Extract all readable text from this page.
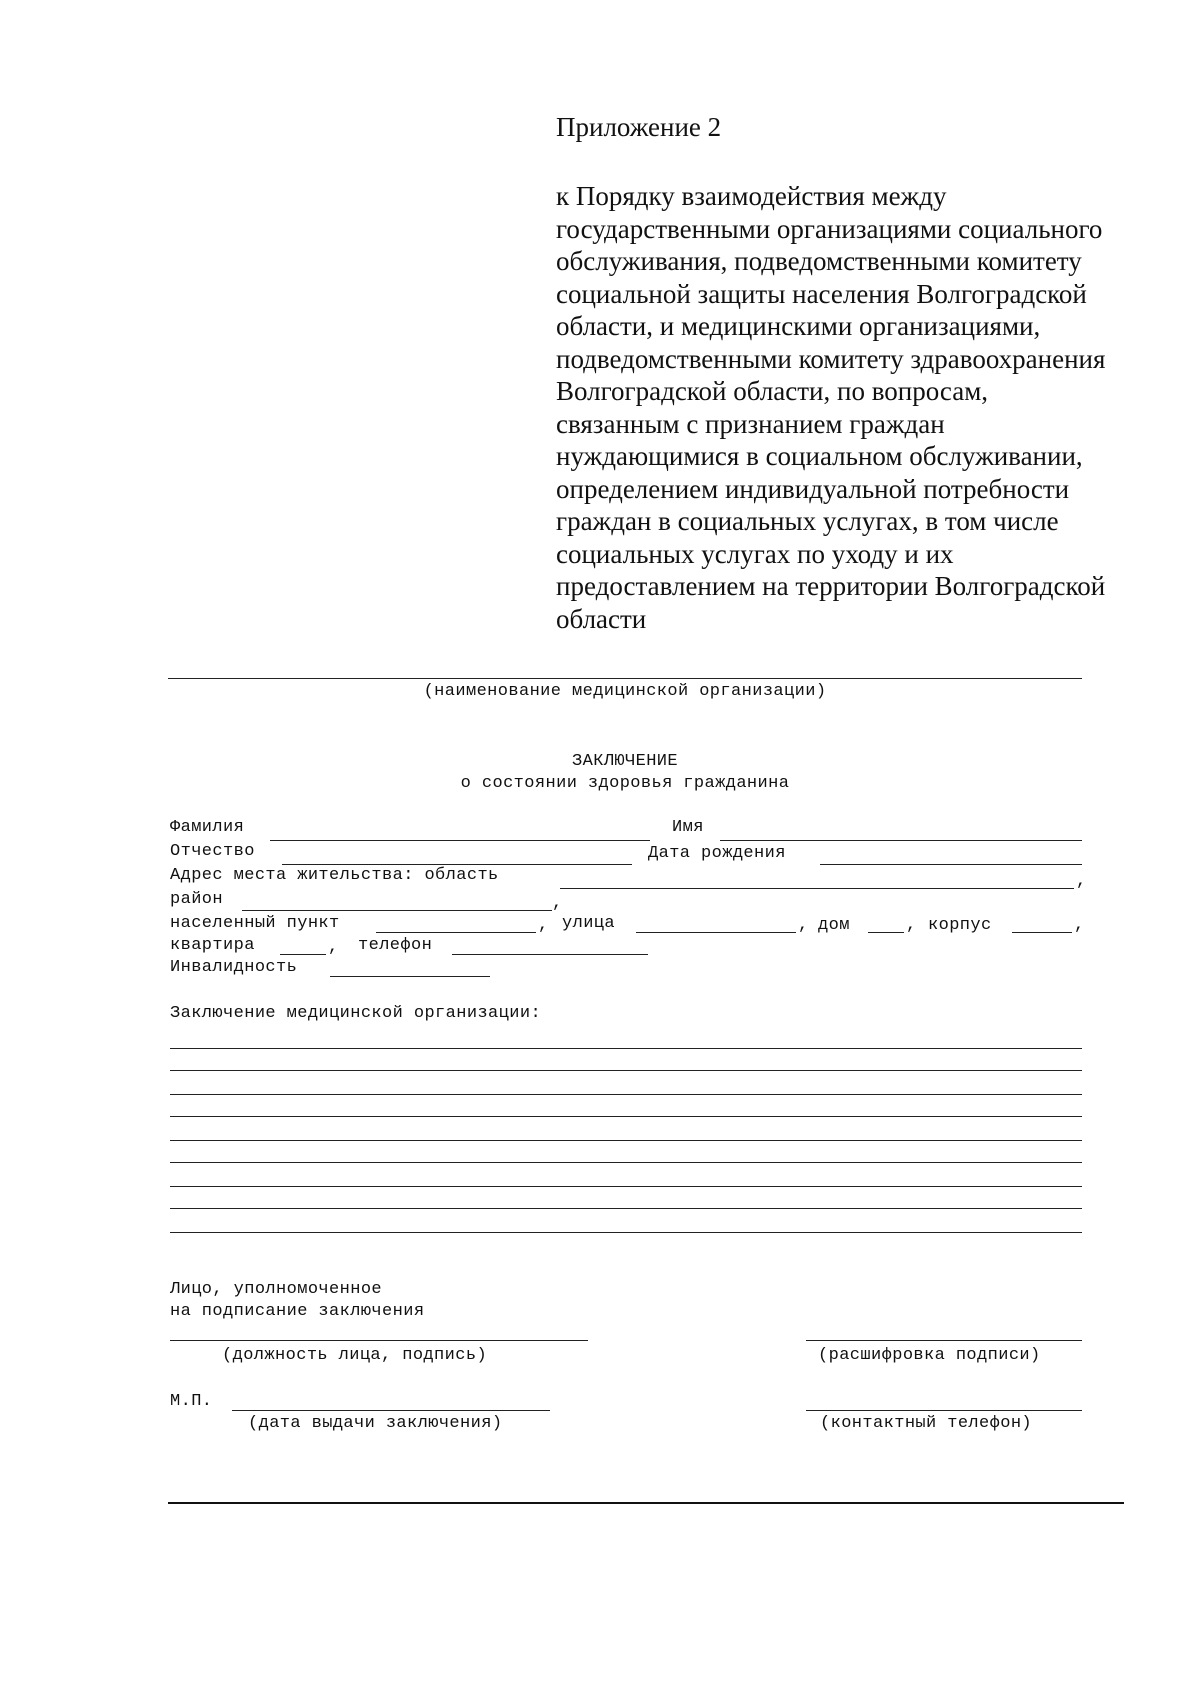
Приложение 2
к Порядку взаимодействия между
государственными организациями социального
обслуживания, подведомственными комитету
социальной защиты населения Волгоградской
области, и медицинскими организациями,
подведомственными комитету здравоохранения
Волгоградской области, по вопросам,
связанным с признанием граждан
нуждающимися в социальном обслуживании,
определением индивидуальной потребности
граждан в социальных услугах, в том числе
социальных услугах по уходу и их
предоставлением на территории Волгоградской
области
(наименование медицинской организации)
ЗАКЛЮЧЕНИЕ
о состоянии здоровья гражданина
Фамилия	Имя
Отчество	Дата рождения
Адрес места жительства: область	,
район	,
населенный пункт	, улица	, дом	, корпус	,
квартира	, телефон
Инвалидность
Заключение медицинской организации:
Лицо, уполномоченное
на подписание заключения
(должность лица, подпись)	(расшифровка подписи)
М.П.
(дата выдачи заключения)	(контактный телефон)
